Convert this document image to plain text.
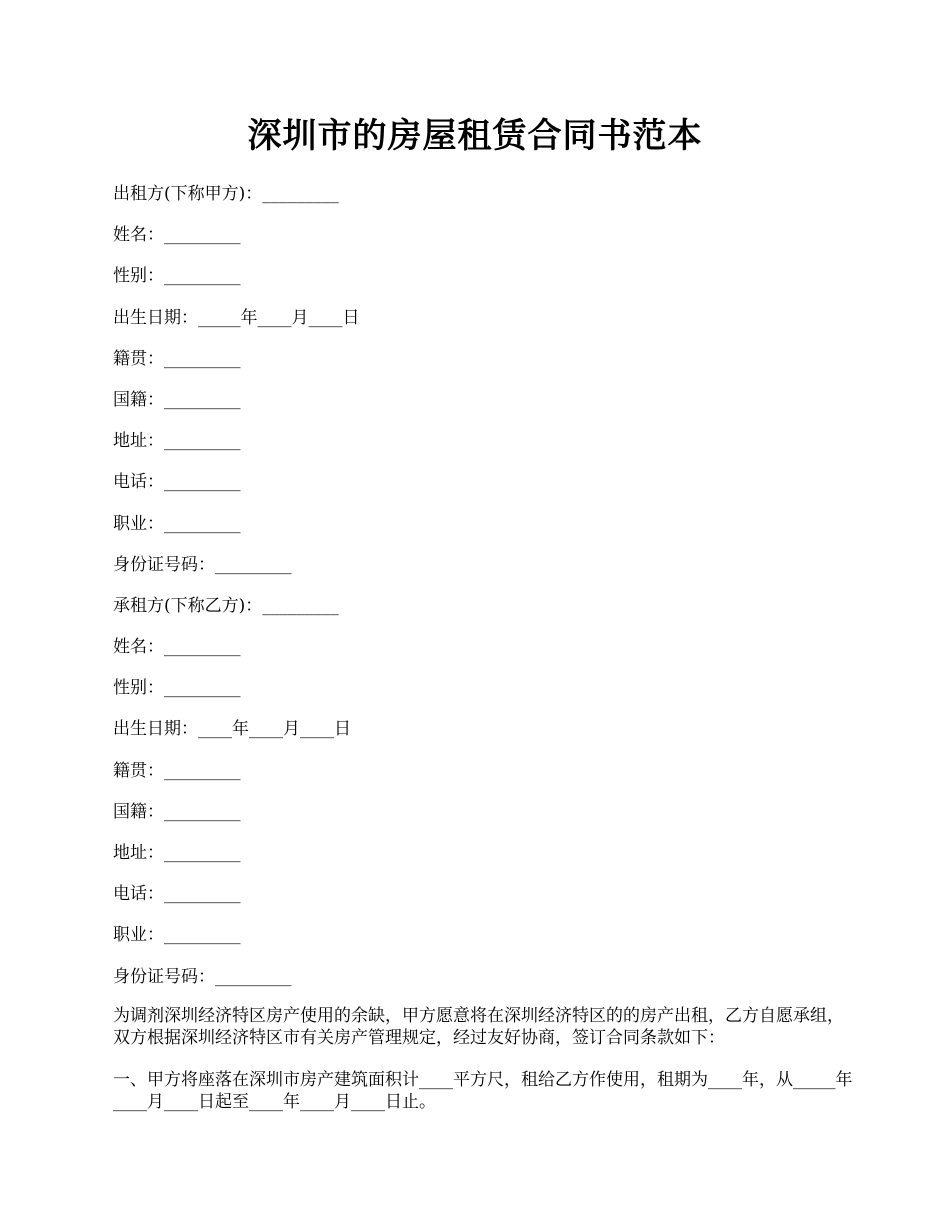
深圳市的房屋租赁合同书范本
出租方(下称甲方)：_________
姓名：_________
性别：_________
出生日期：_____年____月____日
籍贯：_________
国籍：_________
地址：_________
电话：_________
职业：_________
身份证号码：_________
承租方(下称乙方)：_________
姓名：_________
性别：_________
出生日期：____年____月____日
籍贯：_________
国籍：_________
地址：_________
电话：_________
职业：_________
身份证号码：_________

为调剂深圳经济特区房产使用的余缺，甲方愿意将在深圳经济特区的的房产出租，乙方自愿承组，双方根据深圳经济特区市有关房产管理规定，经过友好协商，签订合同条款如下：

一、甲方将座落在深圳市房产建筑面积计____平方尺，租给乙方作使用，租期为____年，从_____年____月____日起至____年____月____日止。
